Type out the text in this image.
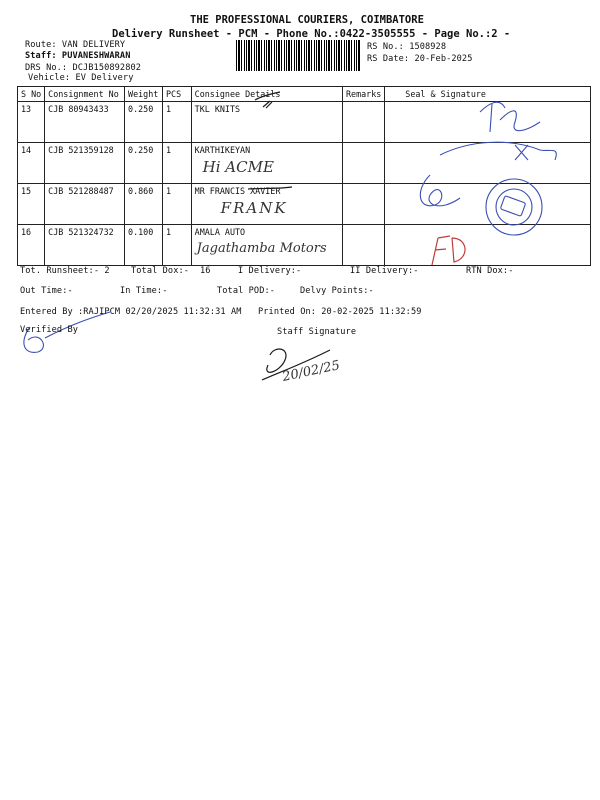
THE PROFESSIONAL COURIERS, COIMBATORE
Delivery Runsheet - PCM - Phone No.:0422-3505555 - Page No.:2 -
Route: VAN DELIVERY
Staff: PUVANESHWARAN
DRS No.: DCJB150892802
Vehicle: EV Delivery
RS No.: 1508928
RS Date: 20-Feb-2025
S No	Consignment No	Weight	PCS	Consignee Details	Remarks	Seal & Signature
13	CJB 80943433	0.250	1	TKL KNITS		
14	CJB 521359128	0.250	1	KARTHIKEYAN
Hi ACME		

15	CJB 521288487	0.860	1	MR FRANCIS XAVIER
FRANK		

16	CJB 521324732	0.100	1	AMALA AUTO
Jagathamba Motors		

Tot. Runsheet:- 2 Total Dox:- 16	I Delivery:-	II Delivery:-	RTN Dox:-
Out Time:-	In Time:-	Total POD:-	Delvy Points:-
Entered By :RAJIPCM 02/20/2025 11:32:31 AM Printed On: 20-02-2025 11:32:59
Verified By	Staff Signature
20/02/25
